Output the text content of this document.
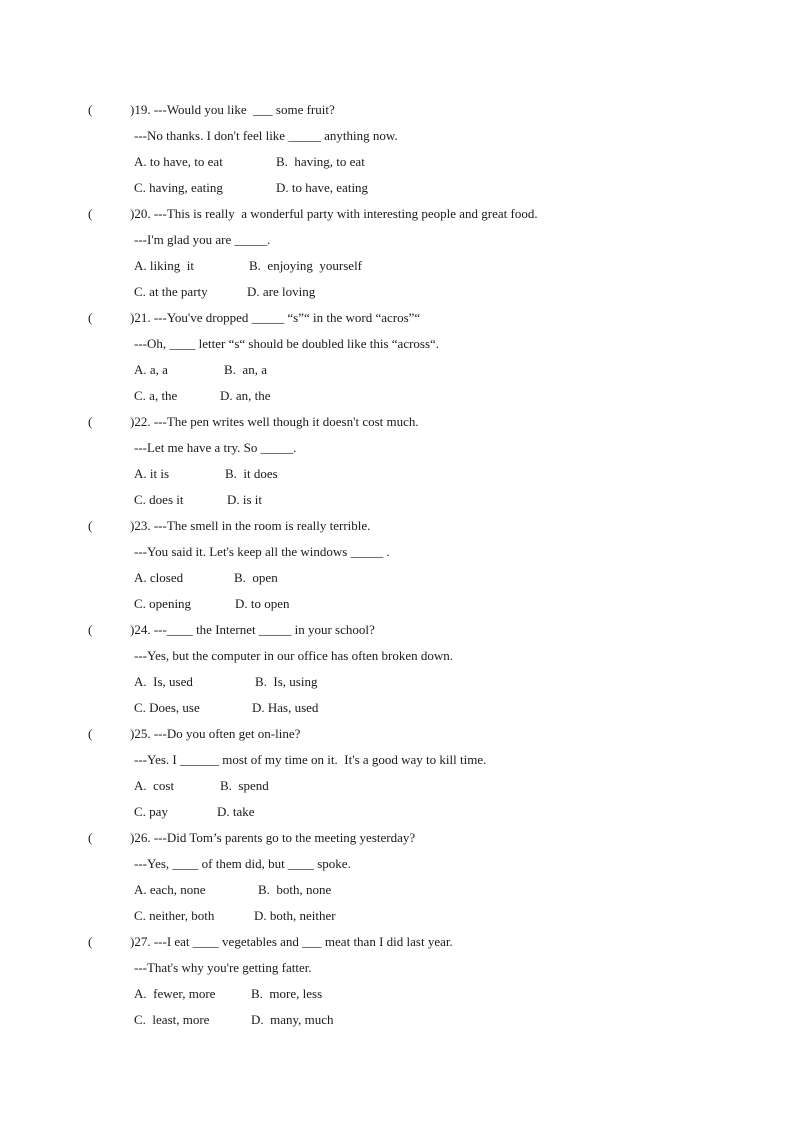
(	)19. ---Would you like  ___ some fruit?
---No thanks. I don't feel like _____ anything now.
A. to have, to eat	B.  having, to eat
C. having, eating	D. to have, eating
(	)20. ---This is really  a wonderful party with interesting people and great food.
---I'm glad you are _____.
A. liking  it	B.  enjoying  yourself
C. at the party	D. are loving
(	)21. ---You've dropped _____ “s”“ in the word “acros”“
---Oh, ____ letter “s“ should be doubled like this “across“.
A. a, a	B.  an, a
C. a, the	D. an, the
(	)22. ---The pen writes well though it doesn't cost much.
---Let me have a try. So _____.
A. it is	B.  it does
C. does it	D. is it
(	)23. ---The smell in the room is really terrible.
---You said it. Let's keep all the windows _____ .
A. closed	B.  open
C. opening	D. to open
(	)24. ---____ the Internet _____ in your school?
---Yes, but the computer in our office has often broken down.
A.  Is, used	B.  Is, using
C. Does, use	D. Has, used
(	)25. ---Do you often get on-line?
---Yes. I ______ most of my time on it.  It's a good way to kill time.
A.  cost	B.  spend
C. pay	D. take
(	)26. ---Did Tom’s parents go to the meeting yesterday?
---Yes, ____ of them did, but ____ spoke.
A. each, none	B.  both, none
C. neither, both	D. both, neither
(	)27. ---I eat ____ vegetables and ___ meat than I did last year.
---That's why you're getting fatter.
A.  fewer, more	B.  more, less
C.  least, more	D.  many, much
